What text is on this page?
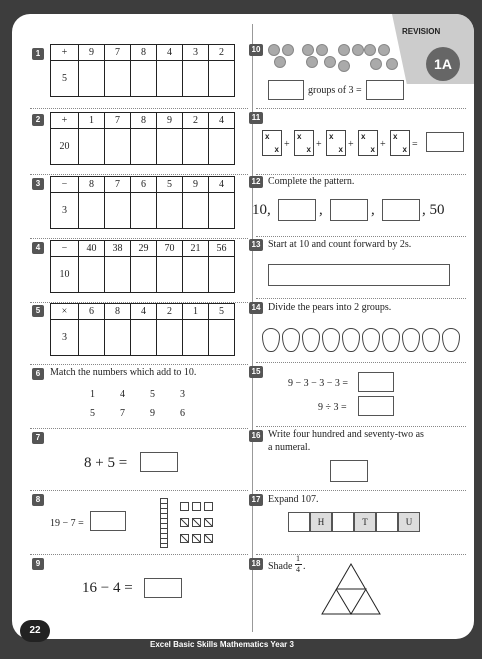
REVISION
1A
1	+	9	7	8	4	3	2
5						
2	+	1	7	8	9	2	4
20						
3	−	8	7	6	5	9	4
3						
4	−	40	38	29	70	21	56
10						
5	×	6	8	4	2	1	5
3						
6 Match the numbers which add to 10.
1	4	5	3
5	7	9	6
7
8 + 5 =
8
19 − 7 =
9
16 − 4 =
10
groups of 3 =
11
x
x +
x
x +
x
x +
x
x +
x
x =
12 Complete the pattern.
10,	,	,	, 50
13 Start at 10 and count forward by 2s.
14 Divide the pears into 2 groups.
15
9 − 3 − 3 − 3 =
9 ÷ 3 =
16 Write four hundred and seventy-two as
a numeral.
17 Expand 107.
H	T	U
18 Shade
1
4 .
22
Excel Basic Skills Mathematics Year 3
